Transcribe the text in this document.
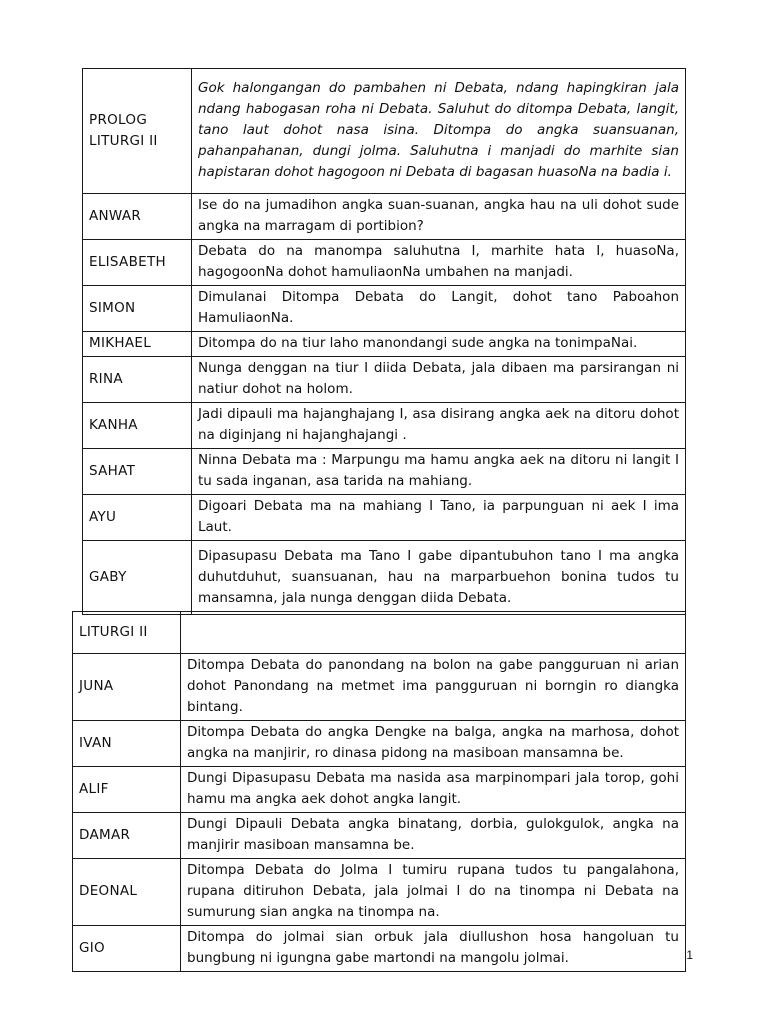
PROLOG LITURGI II	Gok halongangan do pambahen ni Debata, ndang hapingkiran jala ndang habogasan roha ni Debata. Saluhut do ditompa Debata, langit, tano laut dohot nasa isina. Ditompa do angka suansuanan, pahanpahanan, dungi jolma. Saluhutna i manjadi do marhite sian hapistaran dohot hagogoon ni Debata di bagasan huasoNa na badia i.
ANWAR	Ise do na jumadihon angka suan-suanan, angka hau na uli dohot sude angka na marragam di portibion?
ELISABETH	Debata do na manompa saluhutna I, marhite hata I, huasoNa, hagogoonNa dohot hamuliaonNa umbahen na manjadi.
SIMON	Dimulanai Ditompa Debata do Langit, dohot tano Paboahon HamuliaonNa.
MIKHAEL	Ditompa do na tiur laho manondangi sude angka na tonimpaNai.
RINA	Nunga denggan na tiur I diida Debata, jala dibaen ma parsirangan ni natiur dohot na holom.
KANHA	Jadi dipauli ma hajanghajang I, asa disirang angka aek na ditoru dohot na diginjang ni hajanghajangi .
SAHAT	Ninna Debata ma : Marpungu ma hamu angka aek na ditoru ni langit I tu sada inganan, asa tarida na mahiang.
AYU	Digoari Debata ma na mahiang I Tano, ia parpunguan ni aek I ima Laut.
GABY	Dipasupasu Debata ma Tano I gabe dipantubuhon tano I ma angka duhutduhut, suansuanan, hau na marparbuehon bonina tudos tu mansamna, jala nunga denggan diida Debata.
LITURGI II	
JUNA	Ditompa Debata do panondang na bolon na gabe pangguruan ni arian dohot Panondang na metmet ima pangguruan ni borngin ro diangka bintang.
IVAN	Ditompa Debata do angka Dengke na balga, angka na marhosa, dohot angka na manjirir, ro dinasa pidong na masiboan mansamna be.
ALIF	Dungi Dipasupasu Debata ma nasida asa marpinompari jala torop, gohi hamu ma angka aek dohot angka langit.
DAMAR	Dungi Dipauli Debata angka binatang, dorbia, gulokgulok, angka na manjirir masiboan mansamna be.
DEONAL	Ditompa Debata do Jolma I tumiru rupana tudos tu pangalahona, rupana ditiruhon Debata, jala jolmai I do na tinompa ni Debata na sumurung sian angka na tinompa na.
GIO	Ditompa do jolmai sian orbuk jala diullushon hosa hangoluan tu bungbung ni igungna gabe martondi na mangolu jolmai.	1
